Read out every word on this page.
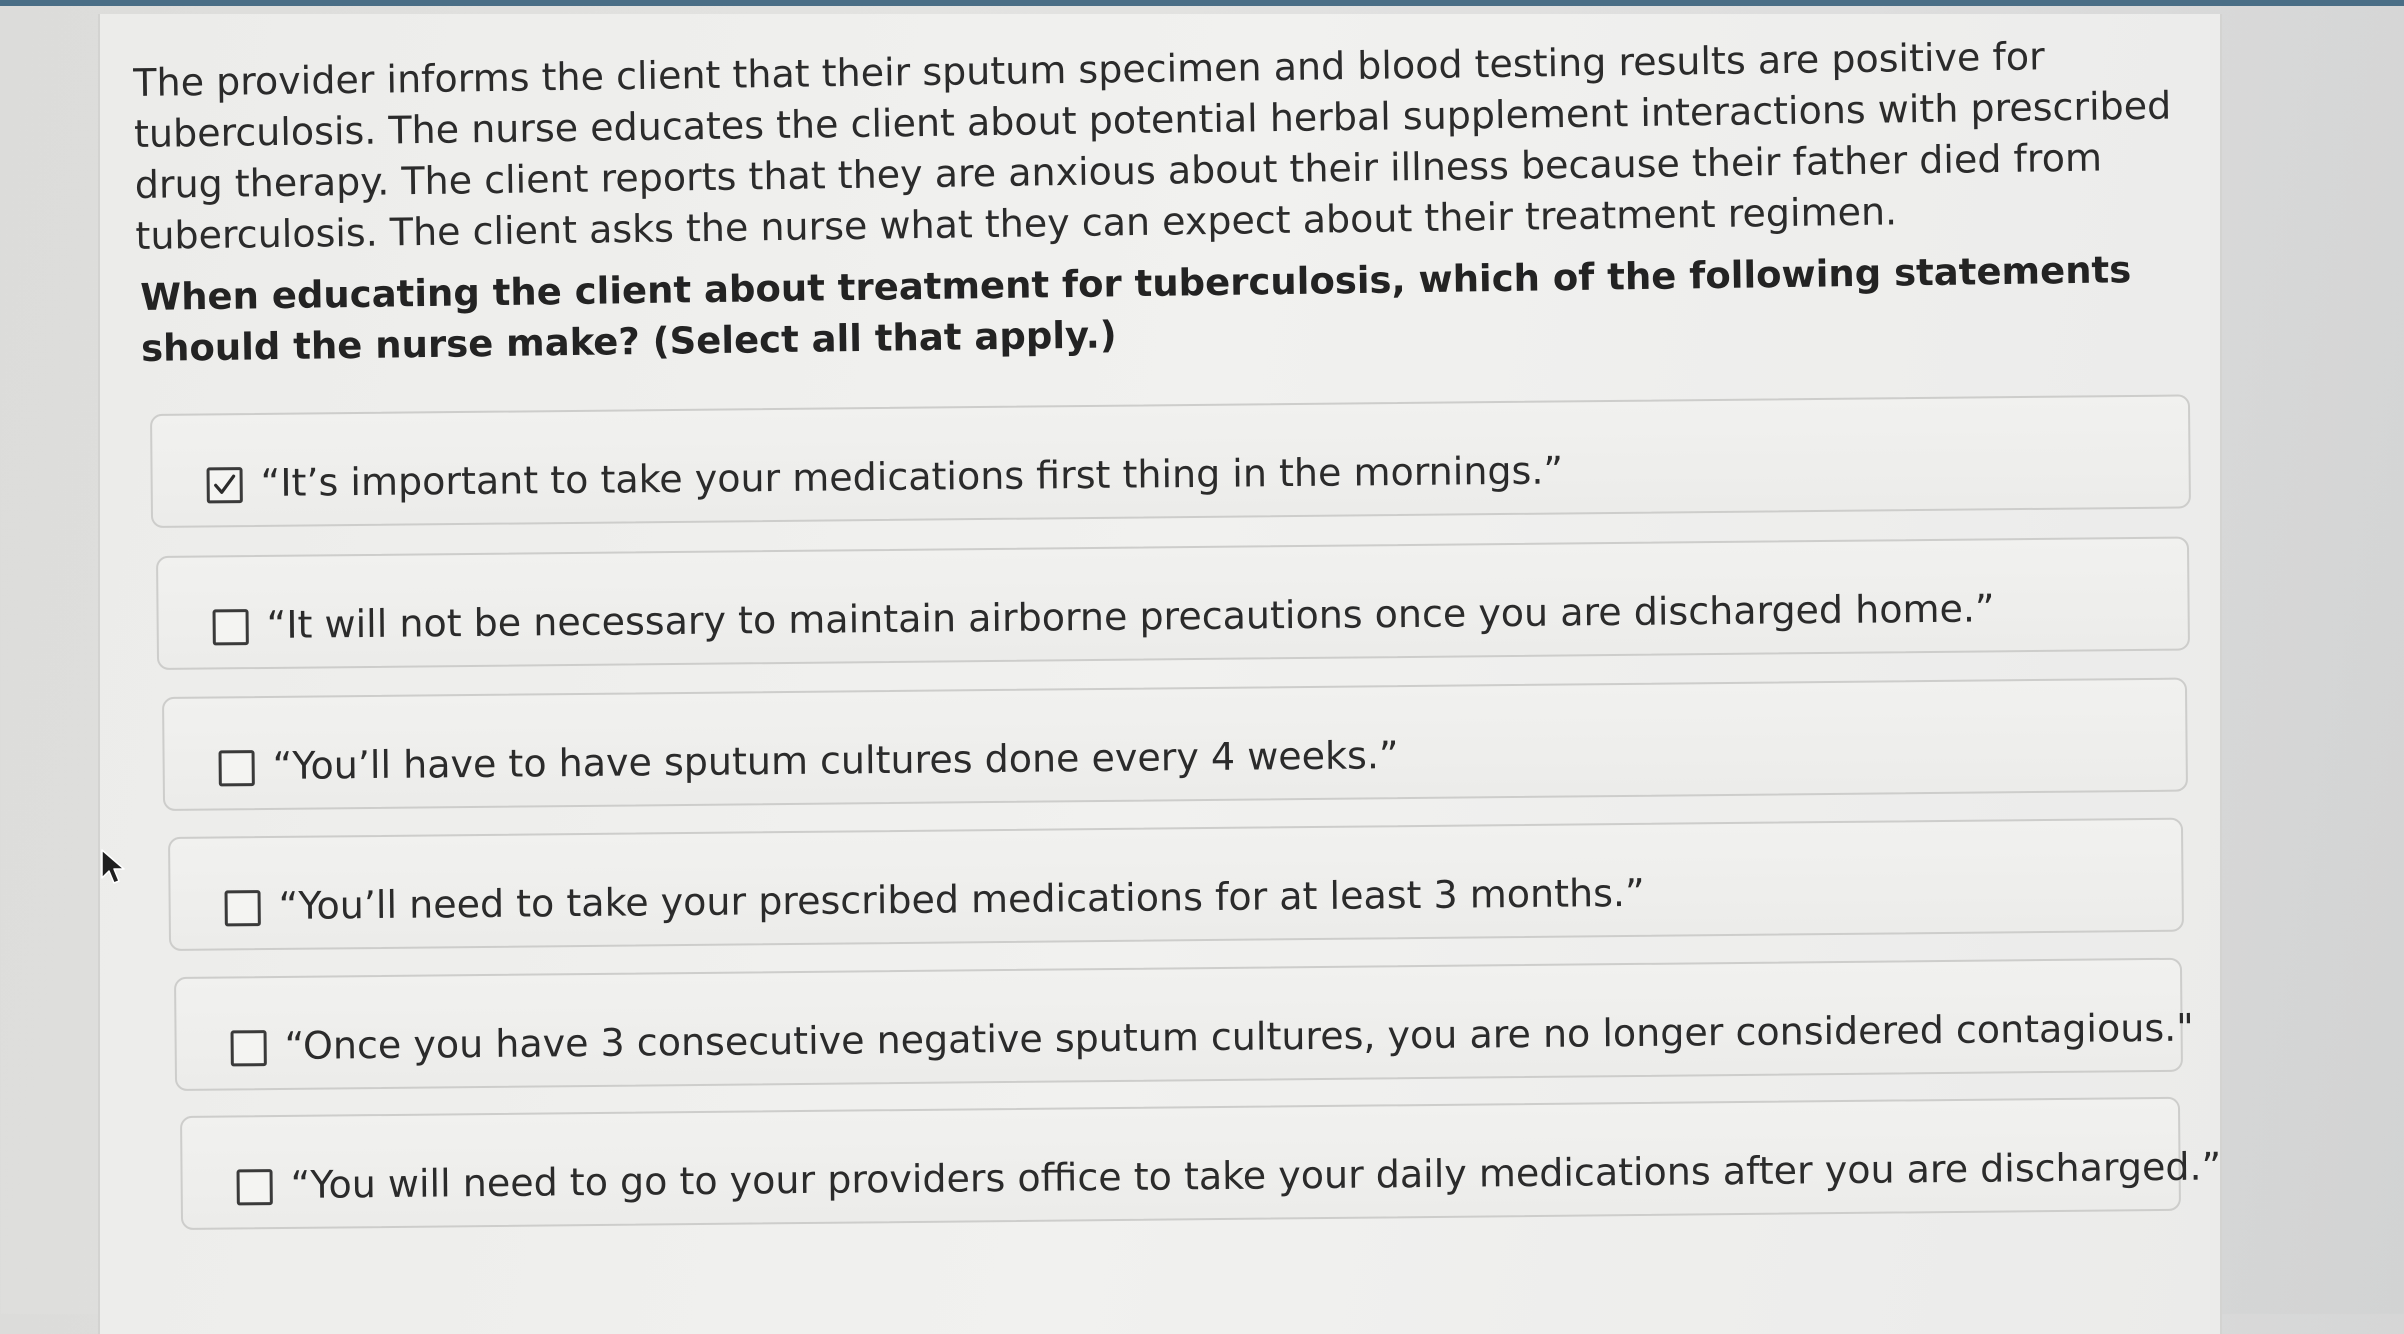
The provider informs the client that their sputum specimen and blood testing results are positive for tuberculosis. The nurse educates the client about potential herbal supplement interactions with prescribed drug therapy. The client reports that they are anxious about their illness because their father died from tuberculosis. The client asks the nurse what they can expect about their treatment regimen.

When educating the client about treatment for tuberculosis, which of the following statements should the nurse make? (Select all that apply.)

“It’s important to take your medications first thing in the mornings.”
“It will not be necessary to maintain airborne precautions once you are discharged home.”
“You’ll have to have sputum cultures done every 4 weeks.”
“You’ll need to take your prescribed medications for at least 3 months.”
“Once you have 3 consecutive negative sputum cultures, you are no longer considered contagious."
“You will need to go to your providers office to take your daily medications after you are discharged.”
